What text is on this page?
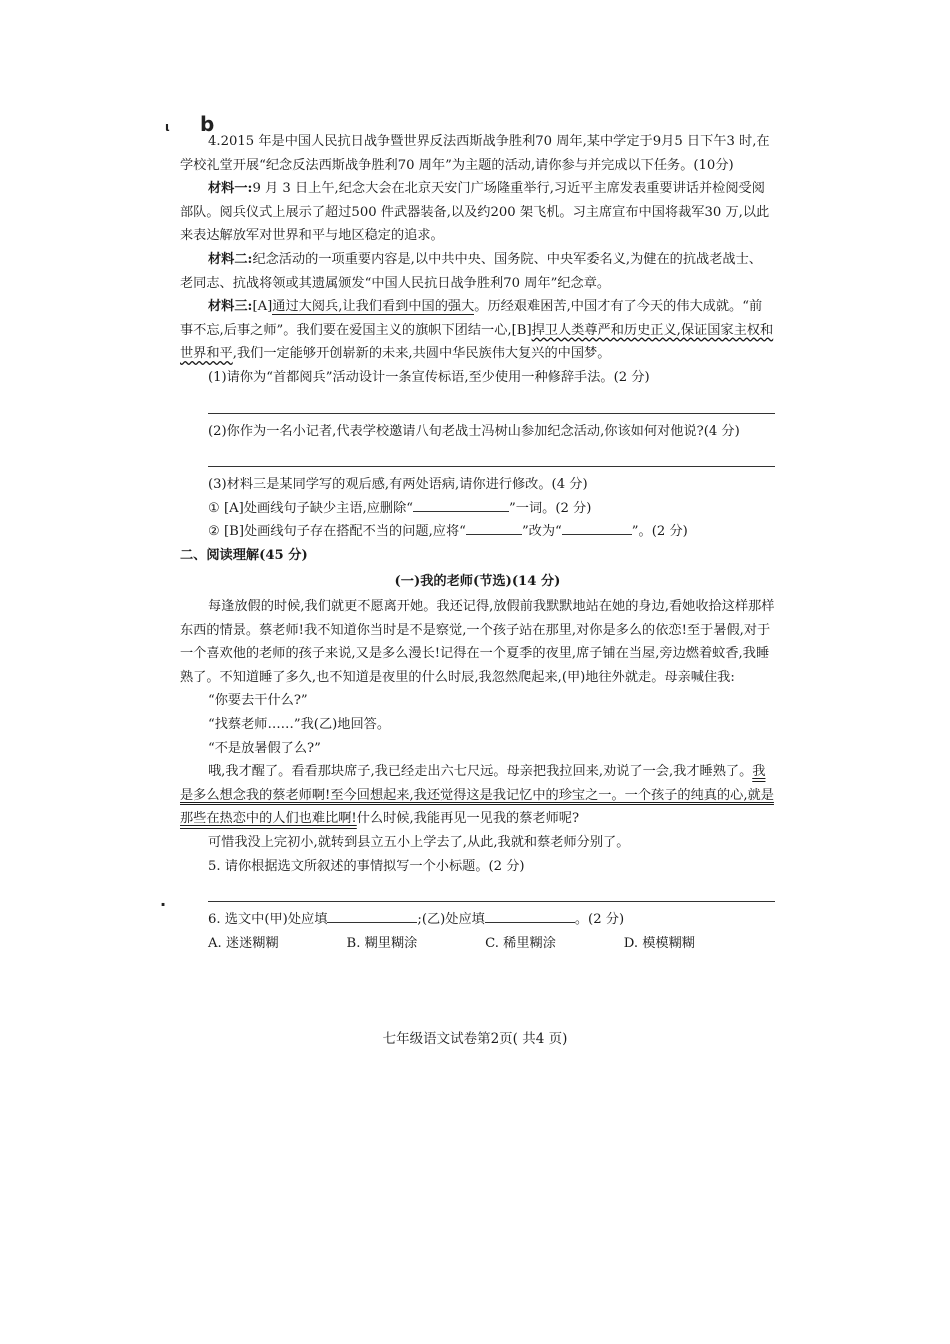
ι b
·

4.2015 年是中国人民抗日战争暨世界反法西斯战争胜利70 周年,某中学定于9月5 日下午3 时,在学校礼堂开展“纪念反法西斯战争胜利70 周年”为主题的活动,请你参与并完成以下任务。(10分)

材料一:9 月 3 日上午,纪念大会在北京天安门广场隆重举行,习近平主席发表重要讲话并检阅受阅部队。阅兵仪式上展示了超过500 件武器装备,以及约200 架飞机。习主席宣布中国将裁军30 万,以此来表达解放军对世界和平与地区稳定的追求。

材料二:纪念活动的一项重要内容是,以中共中央、国务院、中央军委名义,为健在的抗战老战士、老同志、抗战将领或其遗属颁发“中国人民抗日战争胜利70 周年”纪念章。

材料三:[A]通过大阅兵,让我们看到中国的强大。历经艰难困苦,中国才有了今天的伟大成就。“前事不忘,后事之师”。我们要在爱国主义的旗帜下团结一心,[B]捍卫人类尊严和历史正义,保证国家主权和世界和平,我们一定能够开创崭新的未来,共圆中华民族伟大复兴的中国梦。

(1)请你为“首都阅兵”活动设计一条宣传标语,至少使用一种修辞手法。(2 分)

(2)你作为一名小记者,代表学校邀请八旬老战士冯树山参加纪念活动,你该如何对他说?(4 分)

(3)材料三是某同学写的观后感,有两处语病,请你进行修改。(4 分)

① [A]处画线句子缺少主语,应删除“	”一词。(2 分)

② [B]处画线句子存在搭配不当的问题,应将“	”改为“	”。(2 分)

二、阅读理解(45 分)

(一)我的老师(节选)(14 分)

每逢放假的时候,我们就更不愿离开她。我还记得,放假前我默默地站在她的身边,看她收拾这样那样东西的情景。蔡老师!我不知道你当时是不是察觉,一个孩子站在那里,对你是多么的依恋!至于暑假,对于一个喜欢他的老师的孩子来说,又是多么漫长!记得在一个夏季的夜里,席子铺在当屋,旁边燃着蚊香,我睡熟了。不知道睡了多久,也不知道是夜里的什么时辰,我忽然爬起来,(甲)地往外就走。母亲喊住我:

“你要去干什么?”

“找蔡老师……”我(乙)地回答。

“不是放暑假了么?”

哦,我才醒了。看看那块席子,我已经走出六七尺远。母亲把我拉回来,劝说了一会,我才睡熟了。我是多么想念我的蔡老师啊!至今回想起来,我还觉得这是我记忆中的珍宝之一。一个孩子的纯真的心,就是那些在热恋中的人们也难比啊!什么时候,我能再见一见我的蔡老师呢?

可惜我没上完初小,就转到县立五小上学去了,从此,我就和蔡老师分别了。

5. 请你根据选文所叙述的事情拟写一个小标题。(2 分)

6. 选文中(甲)处应填	;(乙)处应填	。(2 分)

A. 迷迷糊糊	B. 糊里糊涂	C. 稀里糊涂	D. 模模糊糊
七年级语文试卷第2页( 共4 页)
